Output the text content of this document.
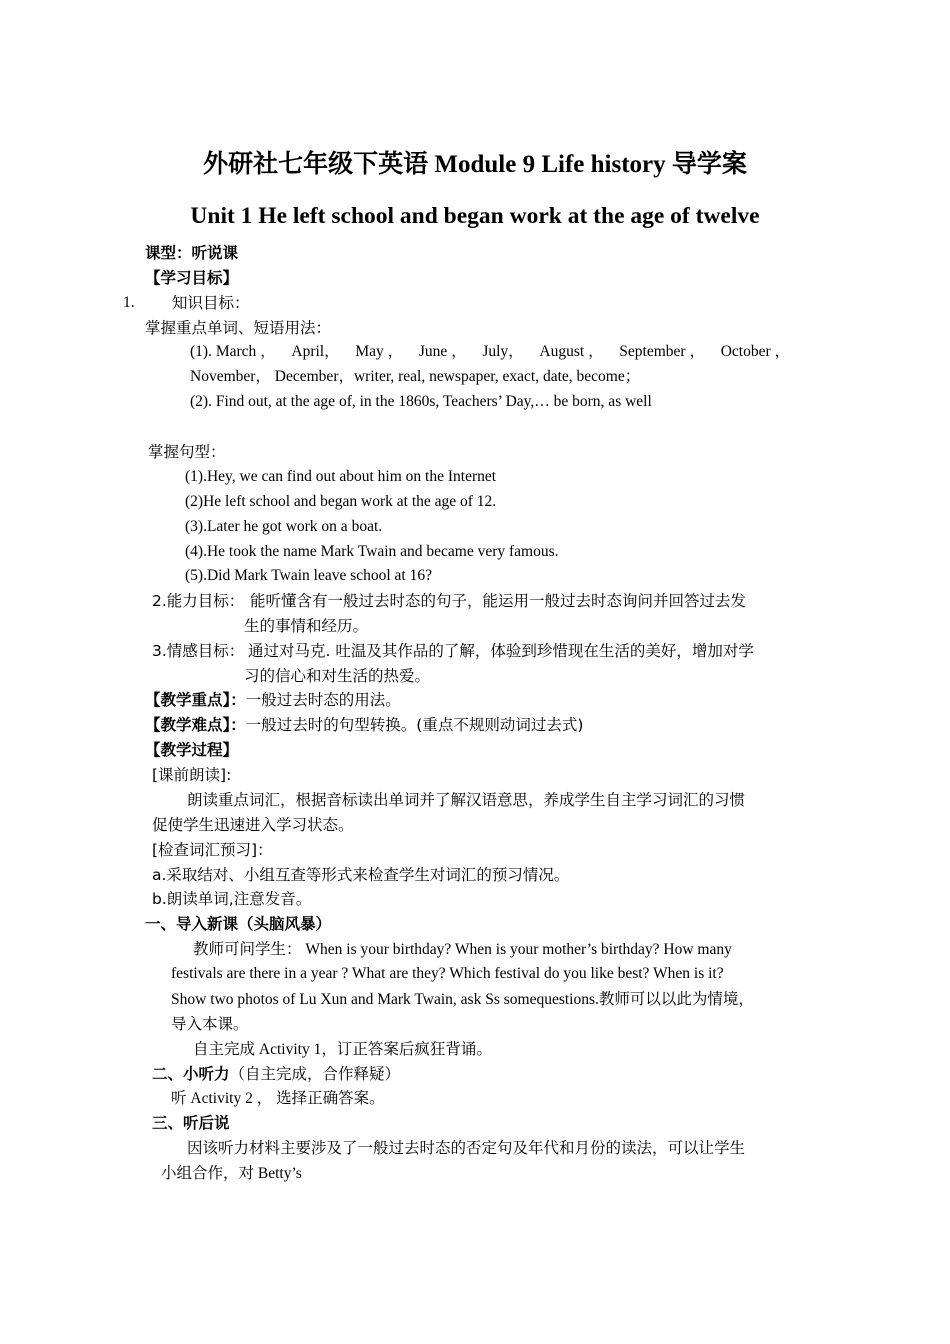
外研社七年级下英语 Module 9 Life history 导学案
Unit 1 He left school and began work at the age of twelve
课型：听说课
【学习目标】
1. 知识目标：
掌握重点单词、短语用法：
(1). March ， April， May ， June ， July， August ， September ， October ，
November， December，writer, real, newspaper, exact, date, become；
(2). Find out, at the age of, in the 1860s, Teachers’ Day,… be born, as well
掌握句型：
(1).Hey, we can find out about him on the Internet
(2)He left school and began work at the age of 12.
(3).Later he got work on a boat.
(4).He took the name Mark Twain and became very famous.
(5).Did Mark Twain leave school at 16?
2.能力目标： 能听懂含有一般过去时态的句子，能运用一般过去时态询问并回答过去发
生的事情和经历。
3.情感目标： 通过对马克. 吐温及其作品的了解，体验到珍惜现在生活的美好，增加对学
习的信心和对生活的热爱。
【教学重点】：一般过去时态的用法。
【教学难点】：一般过去时的句型转换。(重点不规则动词过去式)
【教学过程】
[课前朗读]:
朗读重点词汇，根据音标读出单词并了解汉语意思，养成学生自主学习词汇的习惯
促使学生迅速进入学习状态。
[检查词汇预习]：
a.采取结对、小组互查等形式来检查学生对词汇的预习情况。
b.朗读单词,注意发音。
一、导入新课（头脑风暴）
教师可问学生： When is your birthday? When is your mother’s birthday? How many
festivals are there in a year ? What are they? Which festival do you like best? When is it?
Show two photos of Lu Xun and Mark Twain, ask Ss somequestions.教师可以以此为情境，
导入本课。
自主完成 Activity 1，订正答案后疯狂背诵。
二、小听力（自主完成，合作释疑）
听 Activity 2 ， 选择正确答案。
三、听后说
因该听力材料主要涉及了一般过去时态的否定句及年代和月份的读法，可以让学生
小组合作，对 Betty’s
